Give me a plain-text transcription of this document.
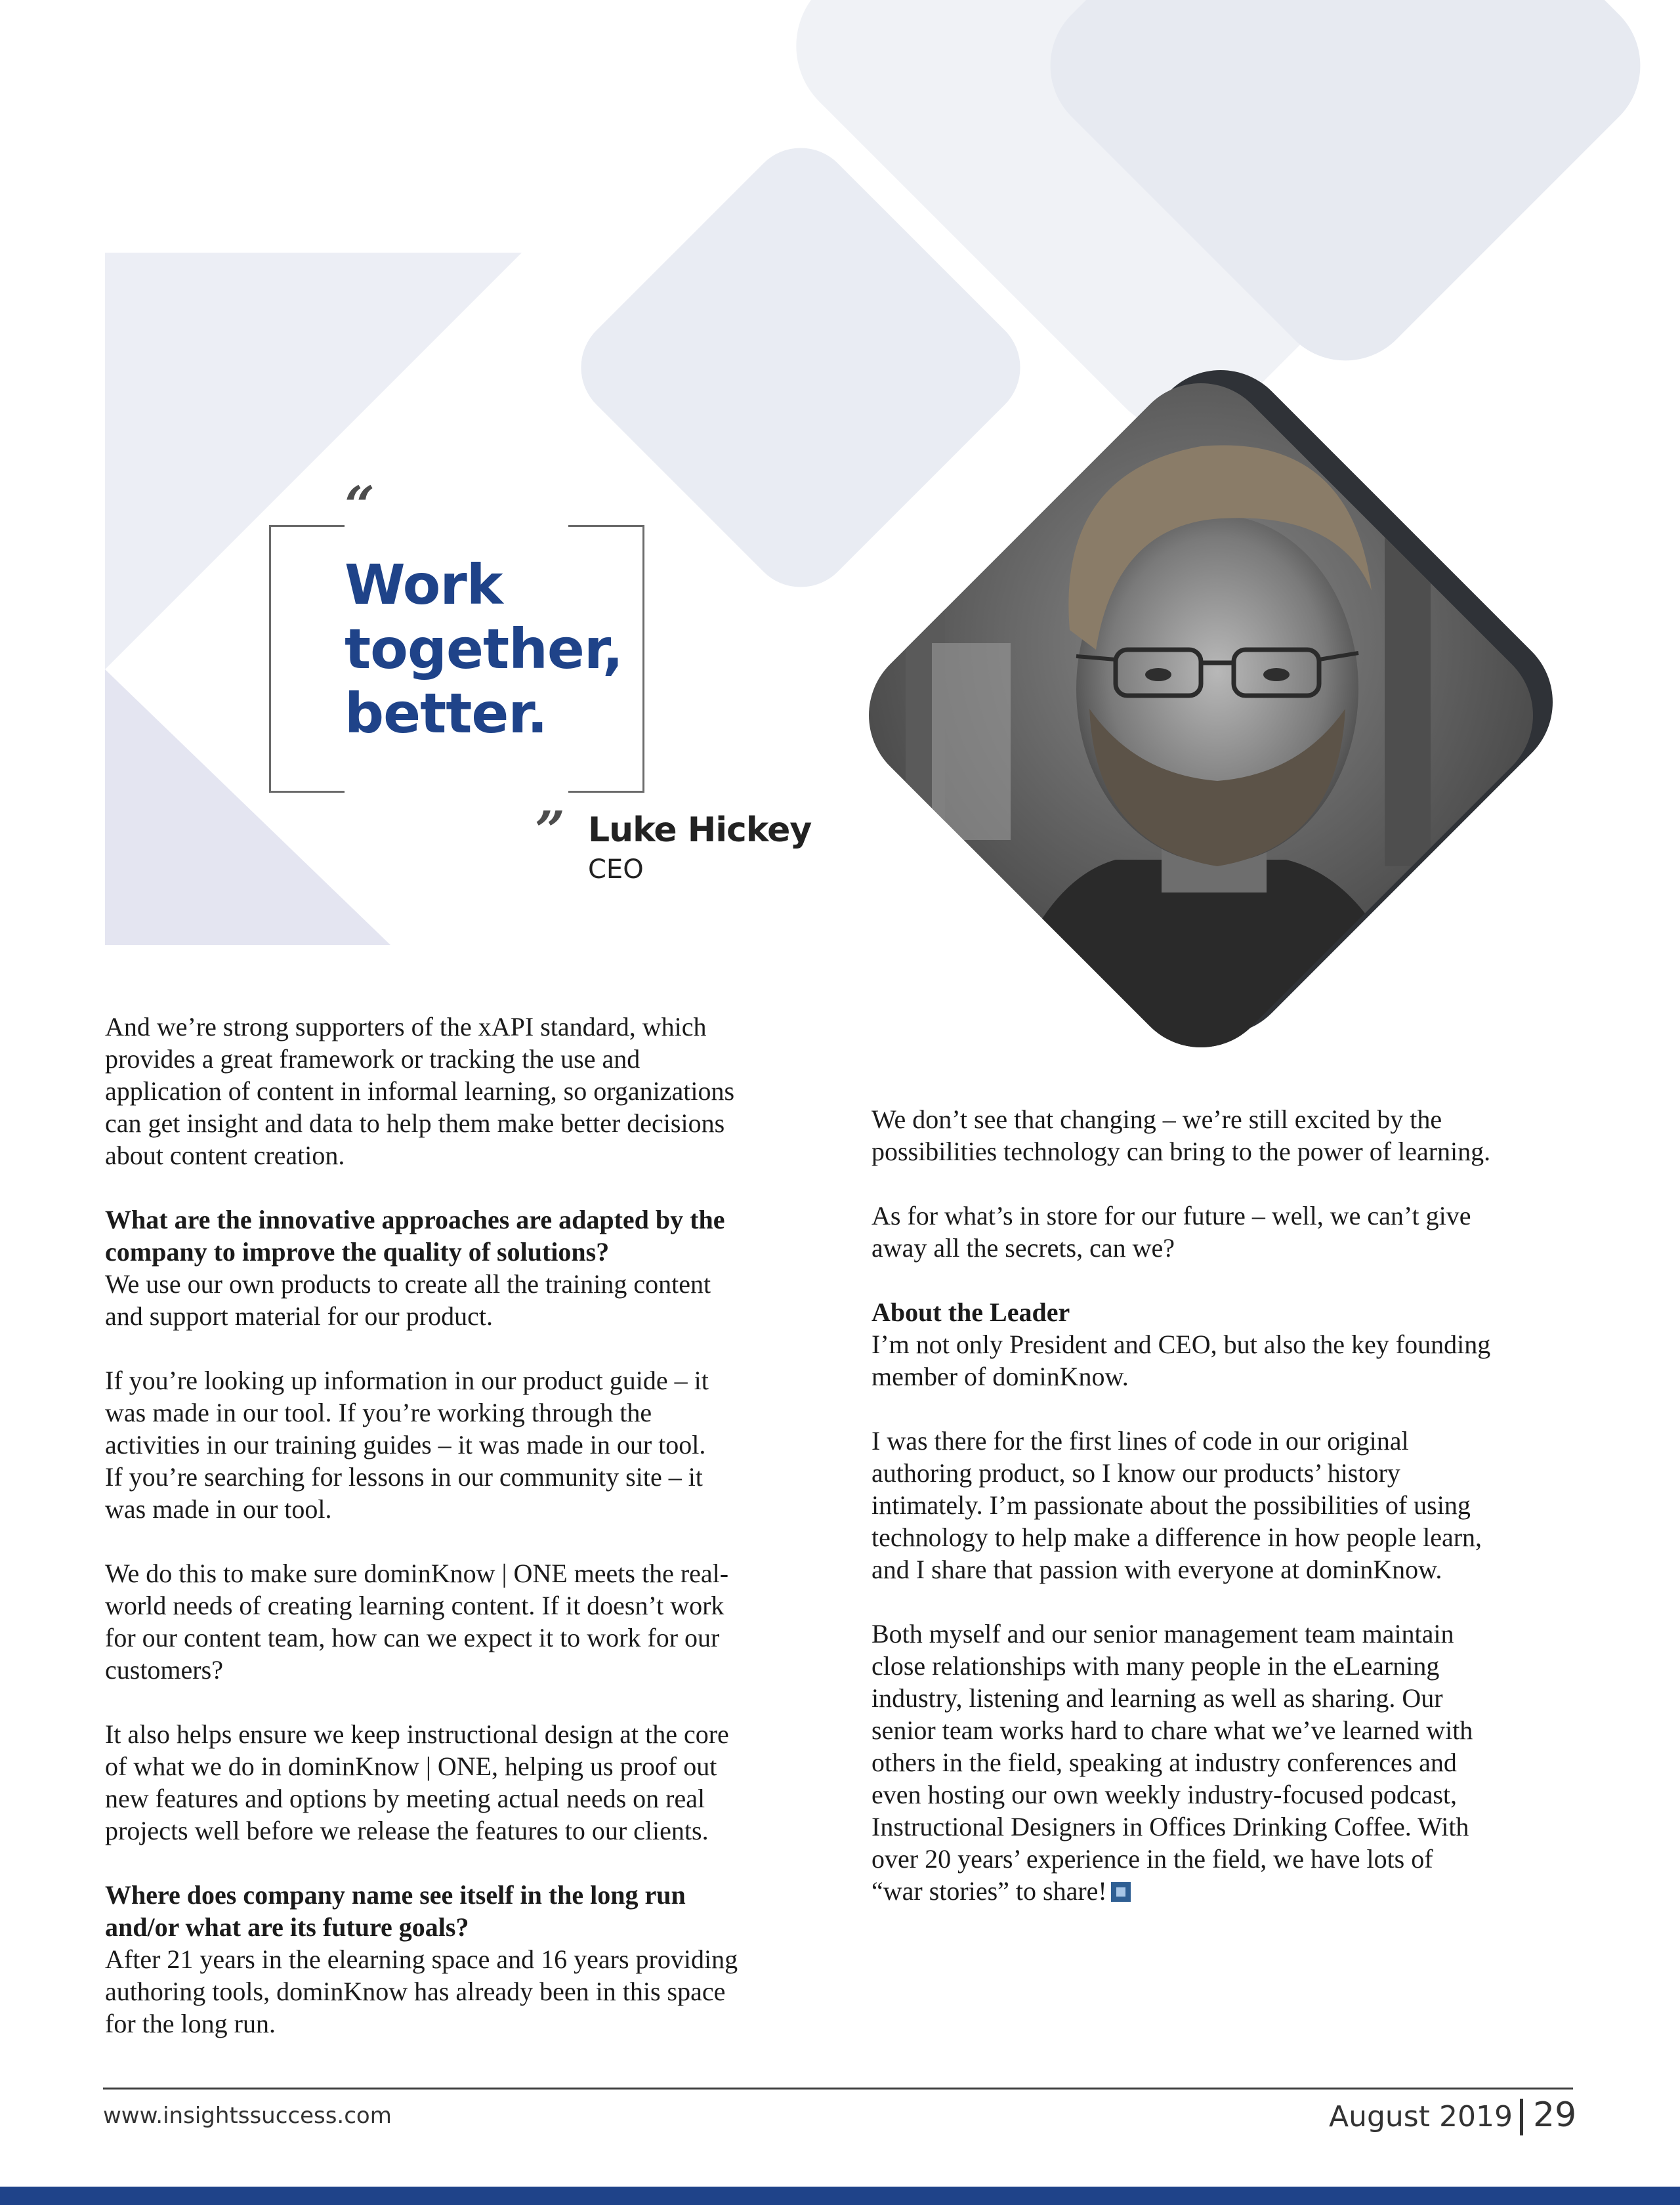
“
”
Work
together,
better.
Luke Hickey
CEO

And we’re strong supporters of the xAPI standard, which
provides a great framework or tracking the use and
application of content in informal learning, so organizations
can get insight and data to help them make better decisions
about content creation.

What are the innovative approaches are adapted by the
company to improve the quality of solutions?

We use our own products to create all the training content
and support material for our product.

If you’re looking up information in our product guide – it
was made in our tool. If you’re working through the
activities in our training guides – it was made in our tool.
If you’re searching for lessons in our community site – it
was made in our tool.

We do this to make sure dominKnow | ONE meets the real-
world needs of creating learning content. If it doesn’t work
for our content team, how can we expect it to work for our
customers?

It also helps ensure we keep instructional design at the core
of what we do in dominKnow | ONE, helping us proof out
new features and options by meeting actual needs on real
projects well before we release the features to our clients.

Where does company name see itself in the long run
and/or what are its future goals?

After 21 years in the elearning space and 16 years providing
authoring tools, dominKnow has already been in this space
for the long run.

We don’t see that changing – we’re still excited by the
possibilities technology can bring to the power of learning.

As for what’s in store for our future – well, we can’t give
away all the secrets, can we?

About the Leader

I’m not only President and CEO, but also the key founding
member of dominKnow.

I was there for the first lines of code in our original
authoring product, so I know our products’ history
intimately. I’m passionate about the possibilities of using
technology to help make a difference in how people learn,
and I share that passion with everyone at dominKnow.

Both myself and our senior management team maintain
close relationships with many people in the eLearning
industry, listening and learning as well as sharing. Our
senior team works hard to chare what we’ve learned with
others in the field, speaking at industry conferences and
even hosting our own weekly industry-focused podcast,
Instructional Designers in Offices Drinking Coffee. With
over 20 years’ experience in the field, we have lots of
“war stories” to share!

www.insightssuccess.com	August 2019 29
